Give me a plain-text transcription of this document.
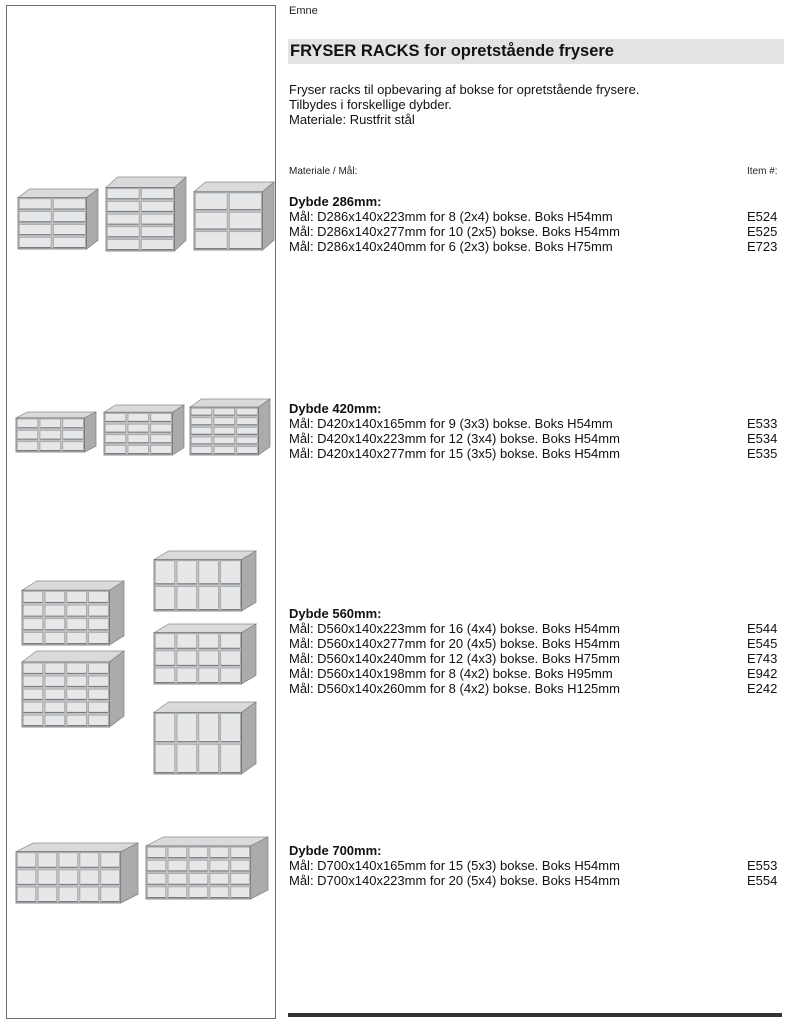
Emne
FRYSER RACKS for opretstående frysere
Fryser racks til opbevaring af bokse for opretstående frysere.
Tilbydes i forskellige dybder.
Materiale: Rustfrit stål
Materiale / Mål:	Item #:
Dybde 286mm:
Mål: D286x140x223mm for 8 (2x4) bokse. Boks H54mm	E524
Mål: D286x140x277mm for 10 (2x5) bokse. Boks H54mm	E525
Mål: D286x140x240mm for 6 (2x3) bokse. Boks H75mm	E723
Dybde 420mm:
Mål: D420x140x165mm for 9 (3x3) bokse. Boks H54mm	E533
Mål: D420x140x223mm for 12 (3x4) bokse. Boks H54mm	E534
Mål: D420x140x277mm for 15 (3x5) bokse. Boks H54mm	E535
Dybde 560mm:
Mål: D560x140x223mm for 16 (4x4) bokse. Boks H54mm	E544
Mål: D560x140x277mm for 20 (4x5) bokse. Boks H54mm	E545
Mål: D560x140x240mm for 12 (4x3) bokse. Boks H75mm	E743
Mål: D560x140x198mm for 8 (4x2) bokse. Boks H95mm	E942
Mål: D560x140x260mm for 8 (4x2) bokse. Boks H125mm	E242
Dybde 700mm:
Mål: D700x140x165mm for 15 (5x3) bokse. Boks H54mm	E553
Mål: D700x140x223mm for 20 (5x4) bokse. Boks H54mm	E554
